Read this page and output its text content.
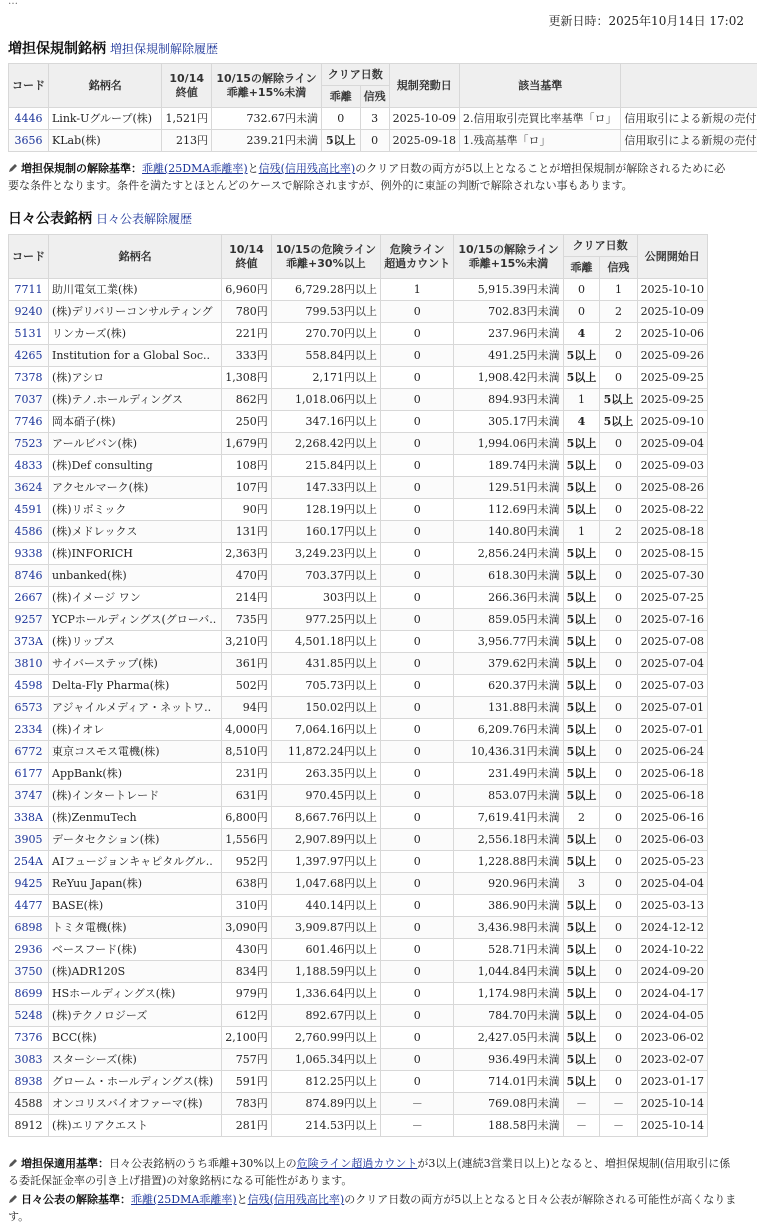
更新日時：2025年10月14日 17:02
増担保規制銘柄 増担保規制解除履歴
コード	銘柄名	10/14
終値	10/15の解除ライン
乖離+15%未満	クリア日数		規制発動日	該当基準	
				乖離	信残			
4446	Link-Uグループ(株)	1,521円	732.67円未満	0	3	2025-10-09	2.信用取引売買比率基準「ロ」	信用取引による新規の売付
3656	KLab(株)	213円	239.21円未満	5以上	0	2025-09-18	1.残高基準「ロ」	信用取引による新規の売付
増担保規制の解除基準：乖離(25DMA乖離率)と信残(信用残高比率)のクリア日数の両方が5以上となることが増担保規制が解除されるために必
要な条件となります。条件を満たすとほとんどのケースで解除されますが、例外的に東証の判断で解除されない事もあります。
日々公表銘柄 日々公表解除履歴
コード	銘柄名	10/14
終値	10/15の危険ライン
乖離+30%以上	危険ライン
超過カウント	10/15の解除ライン
乖離+15%未満	クリア日数		公開開始日
						乖離	信残	
7711	助川電気工業(株)	6,960円	6,729.28円以上	1	5,915.39円未満	0	1	2025-10-10
9240	(株)デリバリーコンサルティング	780円	799.53円以上	0	702.83円未満	0	2	2025-10-09
5131	リンカーズ(株)	221円	270.70円以上	0	237.96円未満	4	2	2025-10-06
4265	Institution for a Global Soc..	333円	558.84円以上	0	491.25円未満	5以上	0	2025-09-26
7378	(株)アシロ	1,308円	2,171円以上	0	1,908.42円未満	5以上	0	2025-09-25
7037	(株)テノ.ホールディングス	862円	1,018.06円以上	0	894.93円未満	1	5以上	2025-09-25
7746	岡本硝子(株)	250円	347.16円以上	0	305.17円未満	4	5以上	2025-09-10
7523	アールビバン(株)	1,679円	2,268.42円以上	0	1,994.06円未満	5以上	0	2025-09-04
4833	(株)Def consulting	108円	215.84円以上	0	189.74円未満	5以上	0	2025-09-03
3624	アクセルマーク(株)	107円	147.33円以上	0	129.51円未満	5以上	0	2025-08-26
4591	(株)リボミック	90円	128.19円以上	0	112.69円未満	5以上	0	2025-08-22
4586	(株)メドレックス	131円	160.17円以上	0	140.80円未満	1	2	2025-08-18
9338	(株)INFORICH	2,363円	3,249.23円以上	0	2,856.24円未満	5以上	0	2025-08-15
8746	unbanked(株)	470円	703.37円以上	0	618.30円未満	5以上	0	2025-07-30
2667	(株)イメージ ワン	214円	303円以上	0	266.36円未満	5以上	0	2025-07-25
9257	YCPホールディングス(グローバ..	735円	977.25円以上	0	859.05円未満	5以上	0	2025-07-16
373A	(株)リップス	3,210円	4,501.18円以上	0	3,956.77円未満	5以上	0	2025-07-08
3810	サイバーステップ(株)	361円	431.85円以上	0	379.62円未満	5以上	0	2025-07-04
4598	Delta-Fly Pharma(株)	502円	705.73円以上	0	620.37円未満	5以上	0	2025-07-03
6573	アジャイルメディア・ネットワ..	94円	150.02円以上	0	131.88円未満	5以上	0	2025-07-01
2334	(株)イオレ	4,000円	7,064.16円以上	0	6,209.76円未満	5以上	0	2025-07-01
6772	東京コスモス電機(株)	8,510円	11,872.24円以上	0	10,436.31円未満	5以上	0	2025-06-24
6177	AppBank(株)	231円	263.35円以上	0	231.49円未満	5以上	0	2025-06-18
3747	(株)インタートレード	631円	970.45円以上	0	853.07円未満	5以上	0	2025-06-18
338A	(株)ZenmuTech	6,800円	8,667.76円以上	0	7,619.41円未満	2	0	2025-06-16
3905	データセクション(株)	1,556円	2,907.89円以上	0	2,556.18円未満	5以上	0	2025-06-03
254A	AIフュージョンキャピタルグル..	952円	1,397.97円以上	0	1,228.88円未満	5以上	0	2025-05-23
9425	ReYuu Japan(株)	638円	1,047.68円以上	0	920.96円未満	3	0	2025-04-04
4477	BASE(株)	310円	440.14円以上	0	386.90円未満	5以上	0	2025-03-13
6898	トミタ電機(株)	3,090円	3,909.87円以上	0	3,436.98円未満	5以上	0	2024-12-12
2936	ベースフード(株)	430円	601.46円以上	0	528.71円未満	5以上	0	2024-10-22
3750	(株)ADR120S	834円	1,188.59円以上	0	1,044.84円未満	5以上	0	2024-09-20
8699	HSホールディングス(株)	979円	1,336.64円以上	0	1,174.98円未満	5以上	0	2024-04-17
5248	(株)テクノロジーズ	612円	892.67円以上	0	784.70円未満	5以上	0	2024-04-05
7376	BCC(株)	2,100円	2,760.99円以上	0	2,427.05円未満	5以上	0	2023-06-02
3083	スターシーズ(株)	757円	1,065.34円以上	0	936.49円未満	5以上	0	2023-02-07
8938	グローム・ホールディングス(株)	591円	812.25円以上	0	714.01円未満	5以上	0	2023-01-17
4588	オンコリスバイオファーマ(株)	783円	874.89円以上	－	769.08円未満	－	－	2025-10-14
8912	(株)エリアクエスト	281円	214.53円以上	－	188.58円未満	－	－	2025-10-14
増担保適用基準：日々公表銘柄のうち乖離+30%以上の危険ライン超過カウントが3以上(連続3営業日以上)となると、増担保規制(信用取引に係
る委託保証金率の引き上げ措置)の対象銘柄になる可能性があります。
日々公表の解除基準：乖離(25DMA乖離率)と信残(信用残高比率)のクリア日数の両方が5以上となると日々公表が解除される可能性が高くなりま
す。
